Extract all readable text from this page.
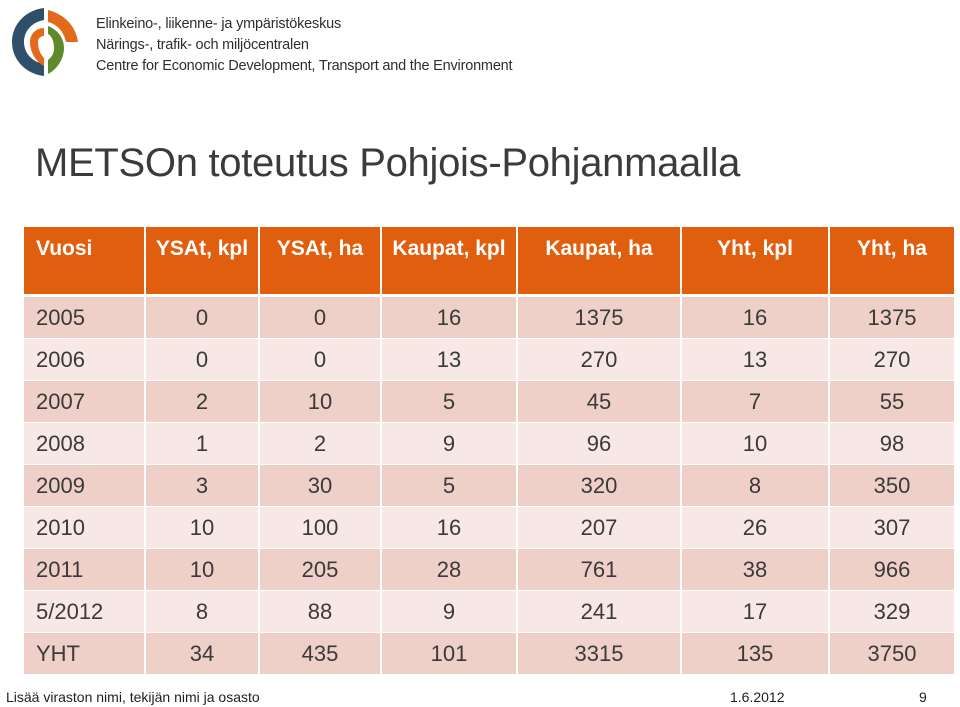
Elinkeino-, liikenne- ja ympäristökeskus
Närings-, trafik- och miljöcentralen
Centre for Economic Development, Transport and the Environment
METSOn toteutus Pohjois-Pohjanmaalla
Vuosi	YSAt, kpl	YSAt, ha	Kaupat, kpl	Kaupat, ha	Yht, kpl	Yht, ha
2005	0	0	16	1375	16	1375
2006	0	0	13	270	13	270
2007	2	10	5	45	7	55
2008	1	2	9	96	10	98
2009	3	30	5	320	8	350
2010	10	100	16	207	26	307
2011	10	205	28	761	38	966
5/2012	8	88	9	241	17	329
YHT	34	435	101	3315	135	3750
Lisää viraston nimi, tekijän nimi ja osasto	1.6.2012	9
